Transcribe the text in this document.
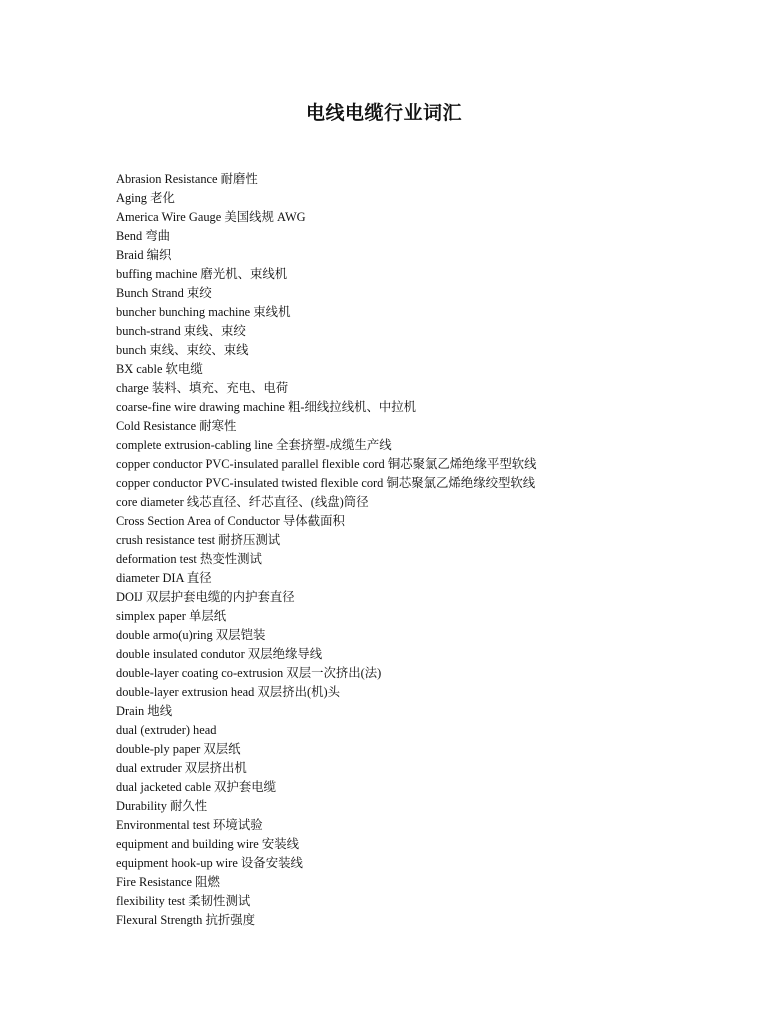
电线电缆行业词汇
Abrasion Resistance 耐磨性
Aging 老化
America Wire Gauge 美国线规 AWG
Bend 弯曲
Braid 编织
buffing machine 磨光机、束线机
Bunch Strand 束绞
buncher bunching machine 束线机
bunch-strand 束线、束绞
bunch 束线、束绞、束线
BX cable 软电缆
charge 装料、填充、充电、电荷
coarse-fine wire drawing machine 粗-细线拉线机、中拉机
Cold Resistance 耐寒性
complete extrusion-cabling line 全套挤塑-成缆生产线
copper conductor PVC-insulated parallel flexible cord 铜芯聚氯乙烯绝缘平型软线
copper conductor PVC-insulated twisted flexible cord 铜芯聚氯乙烯绝缘绞型软线
core diameter 线芯直径、纤芯直径、(线盘)筒径
Cross Section Area of Conductor 导体截面积
crush resistance test 耐挤压测试
deformation test 热变性测试
diameter DIA 直径
DOIJ 双层护套电缆的内护套直径
simplex paper 单层纸
double armo(u)ring 双层铠装
double insulated condutor 双层绝缘导线
double-layer coating co-extrusion 双层一次挤出(法)
double-layer extrusion head 双层挤出(机)头
Drain 地线
dual (extruder) head
double-ply paper 双层纸
dual extruder 双层挤出机
dual jacketed cable 双护套电缆
Durability 耐久性
Environmental test 环境试验
equipment and building wire 安装线
equipment hook-up wire 设备安装线
Fire Resistance 阻燃
flexibility test 柔韧性测试
Flexural Strength 抗折强度
